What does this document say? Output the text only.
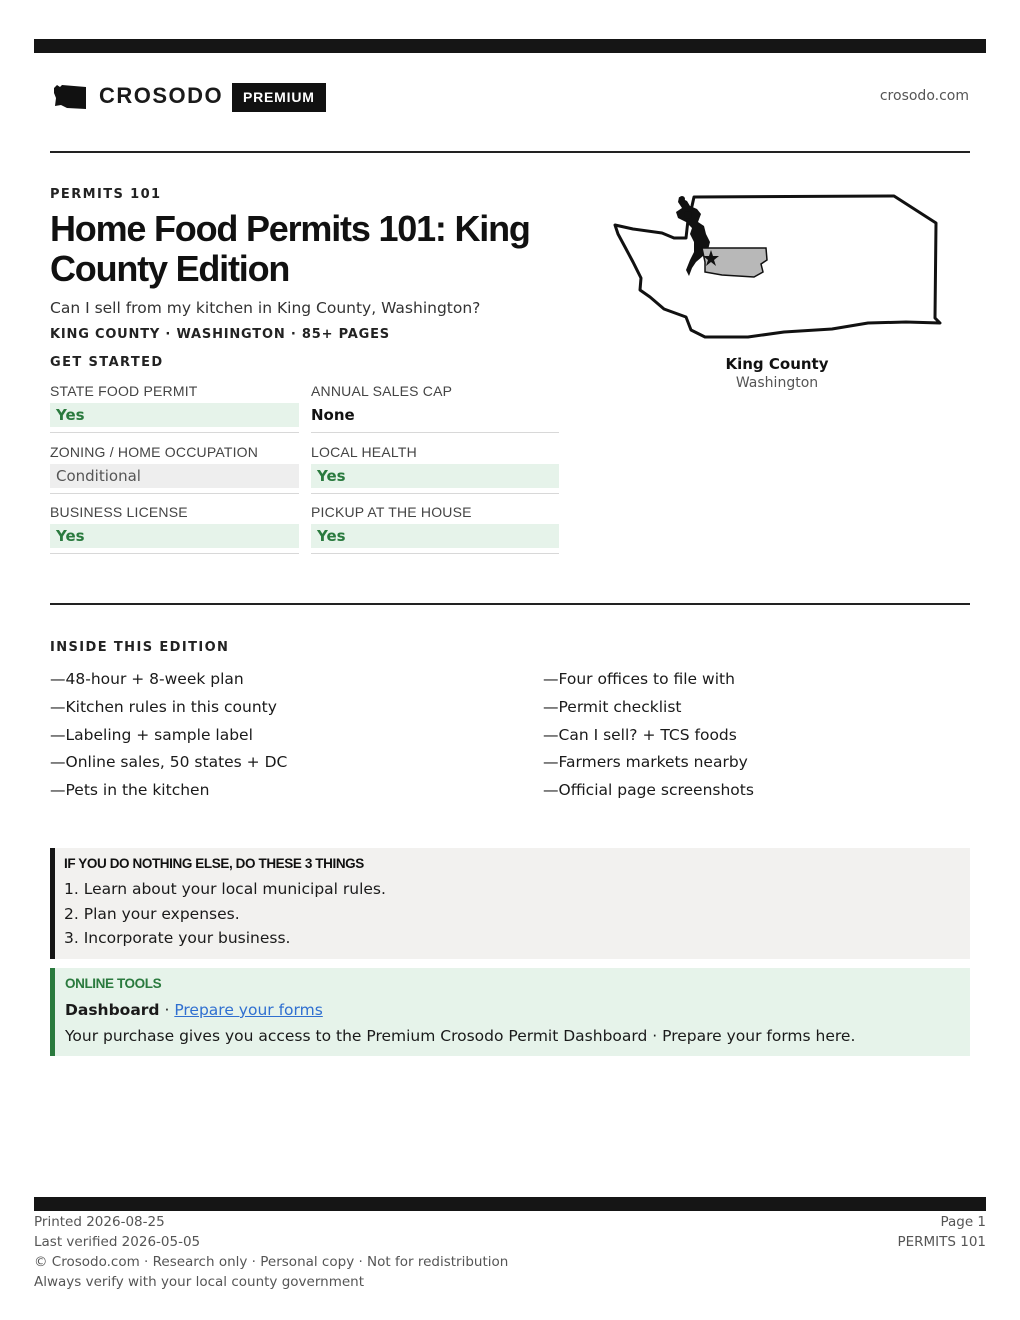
CROSODO	PREMIUM	crosodo.com
PERMITS 101
Home Food Permits 101: King County Edition
Can I sell from my kitchen in King County, Washington?
KING COUNTY · WASHINGTON · 85+ PAGES
GET STARTED
STATE FOOD PERMIT
Yes
ANNUAL SALES CAP
None
ZONING / HOME OCCUPATION
Conditional
LOCAL HEALTH
Yes
BUSINESS LICENSE
Yes
PICKUP AT THE HOUSE
Yes
King County
Washington
INSIDE THIS EDITION
—48-hour + 8-week plan
—Kitchen rules in this county
—Labeling + sample label
—Online sales, 50 states + DC
—Pets in the kitchen
—Four offices to file with
—Permit checklist
—Can I sell? + TCS foods
—Farmers markets nearby
—Official page screenshots
IF YOU DO NOTHING ELSE, DO THESE 3 THINGS
1. Learn about your local municipal rules.
2. Plan your expenses.
3. Incorporate your business.
ONLINE TOOLS
Dashboard · Prepare your forms
Your purchase gives you access to the Premium Crosodo Permit Dashboard · Prepare your forms here.
Printed 2026-08-25
Last verified 2026-05-05
© Crosodo.com · Research only · Personal copy · Not for redistribution
Always verify with your local county government
Page 1
PERMITS 101
